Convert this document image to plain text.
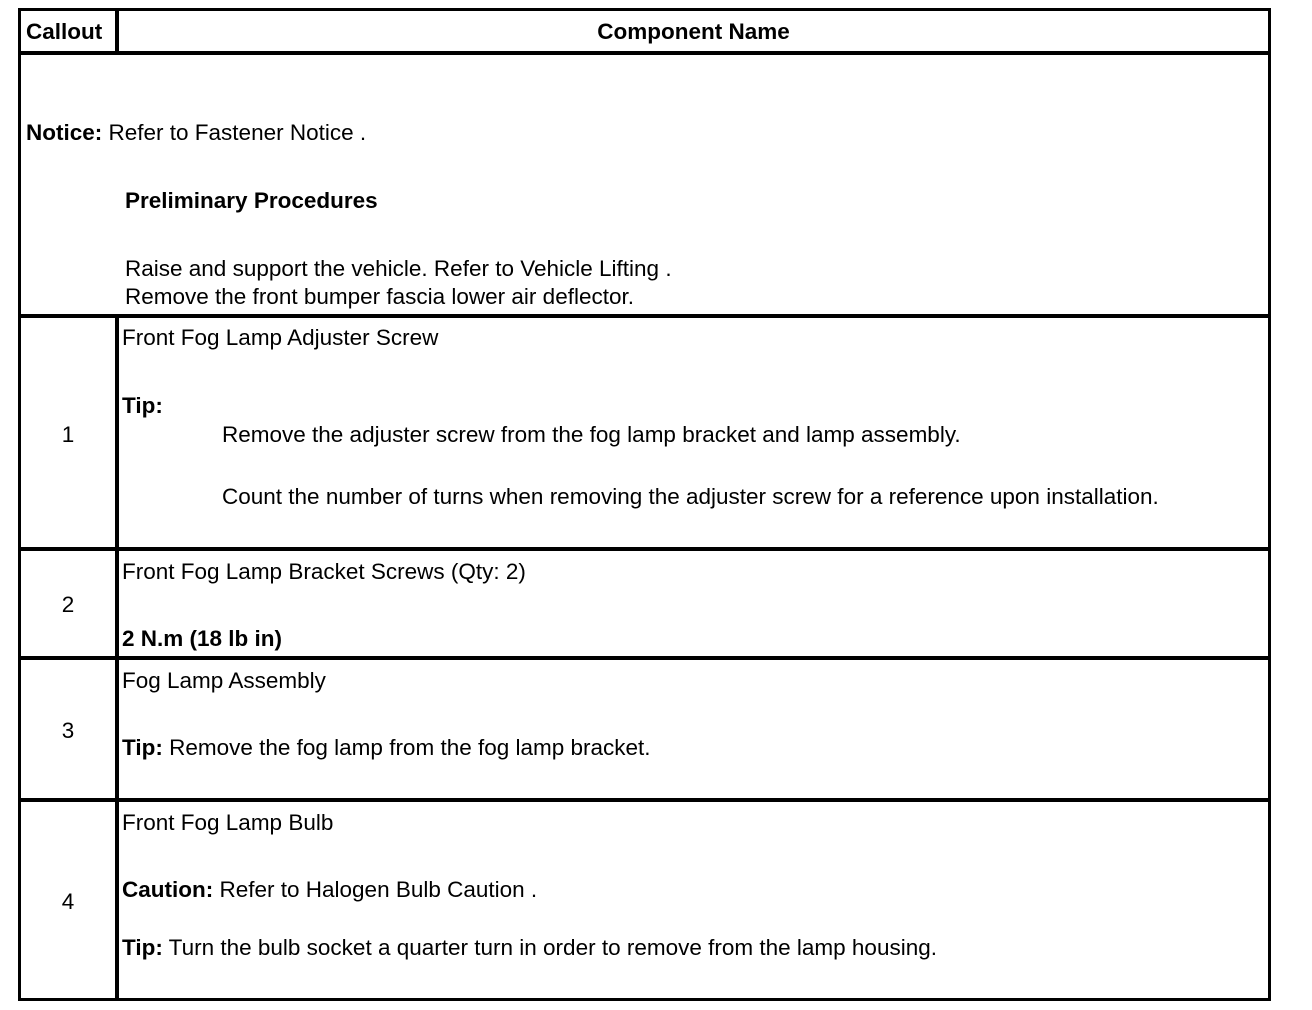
Callout	Component Name
Notice: Refer to Fastener Notice .
Preliminary Procedures
Raise and support the vehicle. Refer to Vehicle Lifting .
Remove the front bumper fascia lower air deflector.
1
Front Fog Lamp Adjuster Screw
Tip:
Remove the adjuster screw from the fog lamp bracket and lamp assembly.
Count the number of turns when removing the adjuster screw for a reference upon installation.
2
Front Fog Lamp Bracket Screws (Qty: 2)
2 N.m (18 lb in)
3
Fog Lamp Assembly
Tip: Remove the fog lamp from the fog lamp bracket.
4
Front Fog Lamp Bulb
Caution: Refer to Halogen Bulb Caution .
Tip: Turn the bulb socket a quarter turn in order to remove from the lamp housing.
